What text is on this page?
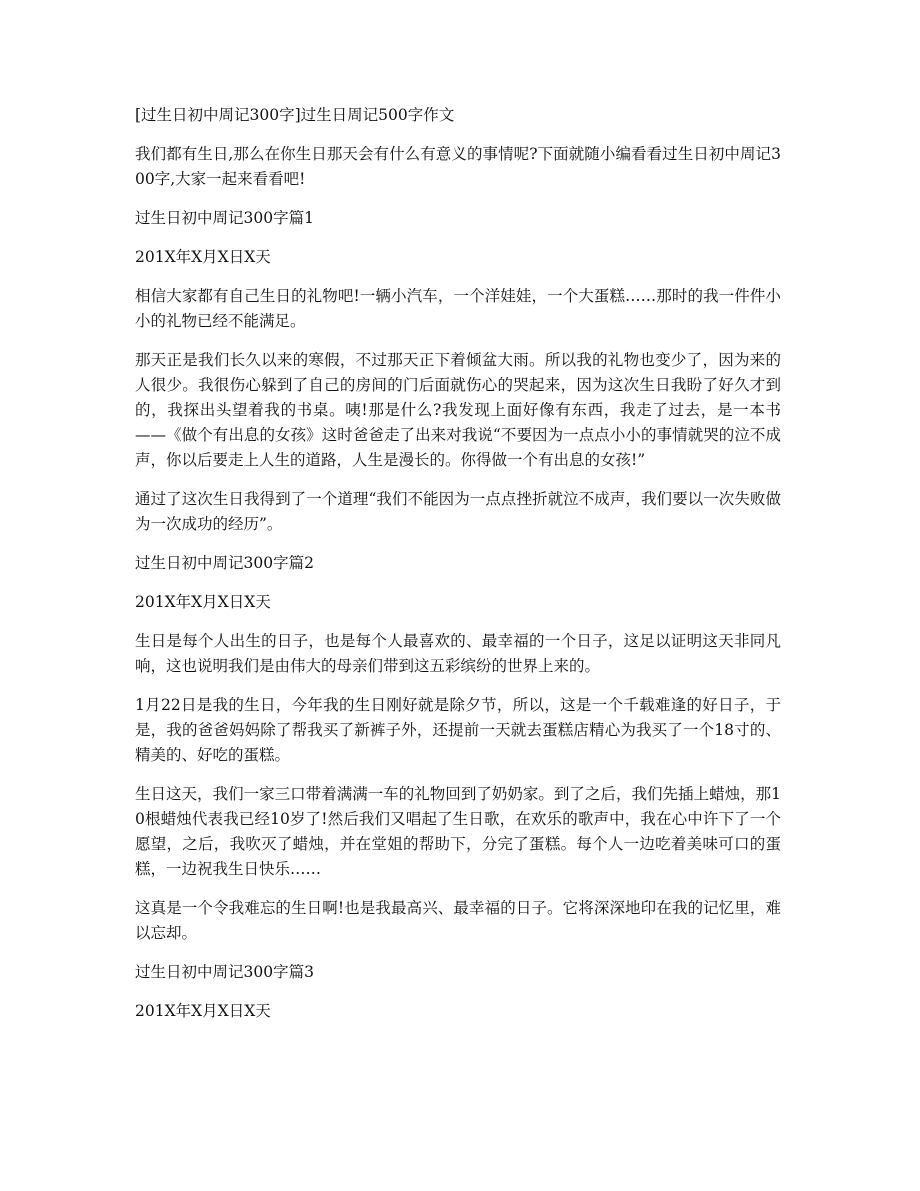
[过生日初中周记300字]过生日周记500字作文

我们都有生日,那么在你生日那天会有什么有意义的事情呢?下面就随小编看看过生日初中周记300字,大家一起来看看吧!

过生日初中周记300字篇1

201X年X月X日X天

相信大家都有自己生日的礼物吧!一辆小汽车，一个洋娃娃，一个大蛋糕……那时的我一件件小小的礼物已经不能满足。

那天正是我们长久以来的寒假，不过那天正下着倾盆大雨。所以我的礼物也变少了，因为来的人很少。我很伤心躲到了自己的房间的门后面就伤心的哭起来，因为这次生日我盼了好久才到的，我探出头望着我的书桌。咦!那是什么?我发现上面好像有东西，我走了过去，是一本书——《做个有出息的女孩》这时爸爸走了出来对我说“不要因为一点点小小的事情就哭的泣不成声，你以后要走上人生的道路，人生是漫长的。你得做一个有出息的女孩!”

通过了这次生日我得到了一个道理“我们不能因为一点点挫折就泣不成声，我们要以一次失败做为一次成功的经历”。

过生日初中周记300字篇2

201X年X月X日X天

生日是每个人出生的日子，也是每个人最喜欢的、最幸福的一个日子，这足以证明这天非同凡响，这也说明我们是由伟大的母亲们带到这五彩缤纷的世界上来的。

1月22日是我的生日，今年我的生日刚好就是除夕节，所以，这是一个千载难逢的好日子，于是，我的爸爸妈妈除了帮我买了新裤子外，还提前一天就去蛋糕店精心为我买了一个18寸的、精美的、好吃的蛋糕。

生日这天，我们一家三口带着满满一车的礼物回到了奶奶家。到了之后，我们先插上蜡烛，那10根蜡烛代表我已经10岁了!然后我们又唱起了生日歌，在欢乐的歌声中，我在心中许下了一个愿望，之后，我吹灭了蜡烛，并在堂姐的帮助下，分完了蛋糕。每个人一边吃着美味可口的蛋糕，一边祝我生日快乐……

这真是一个令我难忘的生日啊!也是我最高兴、最幸福的日子。它将深深地印在我的记忆里，难以忘却。

过生日初中周记300字篇3

201X年X月X日X天
